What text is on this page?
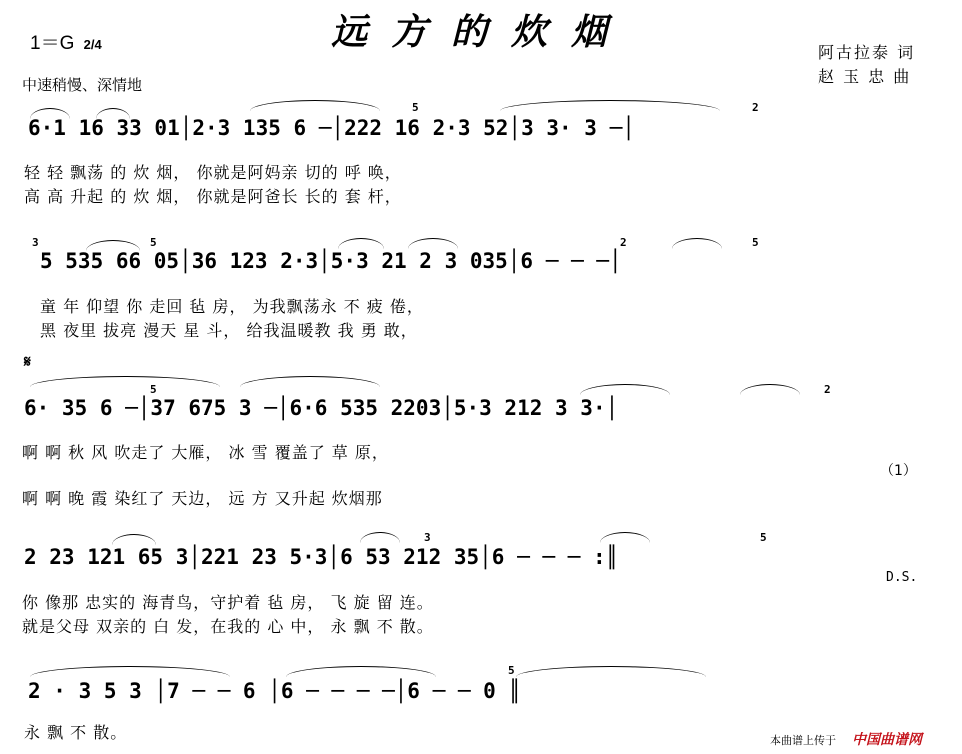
远方的炊烟
1＝G 2/4
中速稍慢、深情地
阿古拉泰 词
赵 玉 忠 曲
5	2
6·1 16 33 01│2·3 135 6 ─│222 16 2·3 52│3 3· 3 ─│
轻 轻 飘荡 的 炊 烟， 你就是阿妈亲 切的 呼 唤，
高 高 升起 的 炊 烟， 你就是阿爸长 长的 套 杆，
3	5	2	5
5 535 66 05│36 123 2·3│5·3 21 2 3 035│6 ─ ─ ─│
童 年 仰望 你 走回 毡 房， 为我飘荡永 不 疲 倦，
黑 夜里 拔亮 漫天 星 斗， 给我温暖教 我 勇 敢，
𝄋
5	2
6· 35 6 ─│37 675 3 ─│6·6 535 2203│5·3 212 3 3·│
啊 啊 秋 风 吹走了 大雁， 冰 雪 覆盖了 草 原，
（1）
啊 啊 晚 霞 染红了 天边， 远 方 又升起 炊烟那
3	5
2 23 121 65 3│221 23 5·3│6 53 212 35│6 ─ ─ ─ :║
D.S.
你 像那 忠实的 海青鸟，守护着 毡 房， 飞 旋 留 连。
就是父母 双亲的 白 发，在我的 心 中， 永 飘 不 散。
5
2 · 3 5 3 │7 ─ ─ 6 │6 ─ ─ ─ ─│6 ─ ─ 0 ║
永 飘 不 散。	本曲谱上传于 中国曲谱网
